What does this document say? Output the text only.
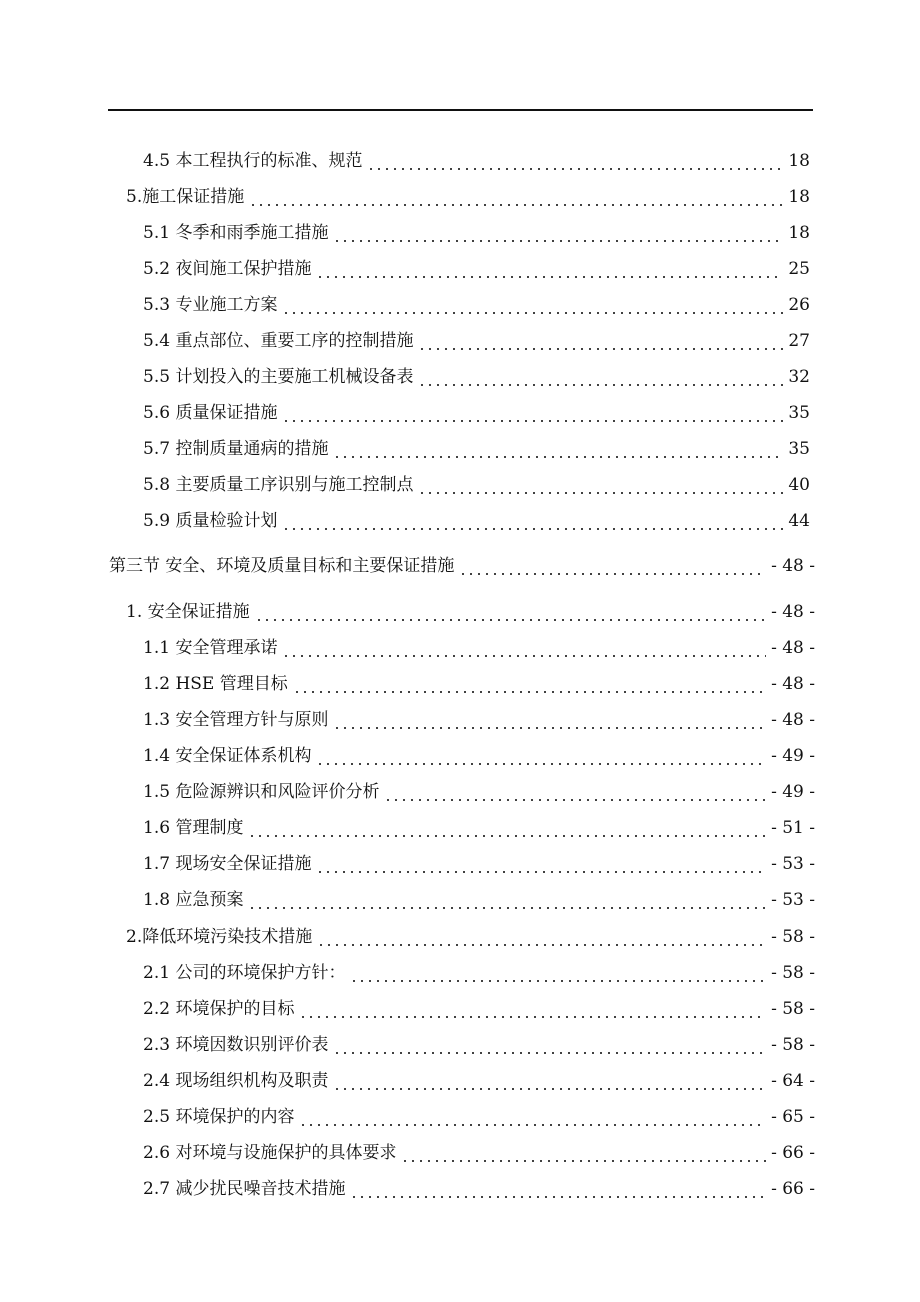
4.5 本工程执行的标准、规范	18
5.施工保证措施	18
5.1 冬季和雨季施工措施	18
5.2 夜间施工保护措施	25
5.3 专业施工方案	26
5.4 重点部位、重要工序的控制措施	27
5.5 计划投入的主要施工机械设备表	32
5.6 质量保证措施	35
5.7 控制质量通病的措施	35
5.8 主要质量工序识别与施工控制点	40
5.9 质量检验计划	44
第三节 安全、环境及质量目标和主要保证措施	- 48 -
1. 安全保证措施	- 48 -
1.1 安全管理承诺	- 48 -
1.2 HSE 管理目标	- 48 -
1.3 安全管理方针与原则	- 48 -
1.4 安全保证体系机构	- 49 -
1.5 危险源辨识和风险评价分析	- 49 -
1.6 管理制度	- 51 -
1.7 现场安全保证措施	- 53 -
1.8 应急预案	- 53 -
2.降低环境污染技术措施	- 58 -
2.1 公司的环境保护方针：	- 58 -
2.2 环境保护的目标	- 58 -
2.3 环境因数识别评价表	- 58 -
2.4 现场组织机构及职责	- 64 -
2.5 环境保护的内容	- 65 -
2.6 对环境与设施保护的具体要求	- 66 -
2.7 减少扰民噪音技术措施	- 66 -
